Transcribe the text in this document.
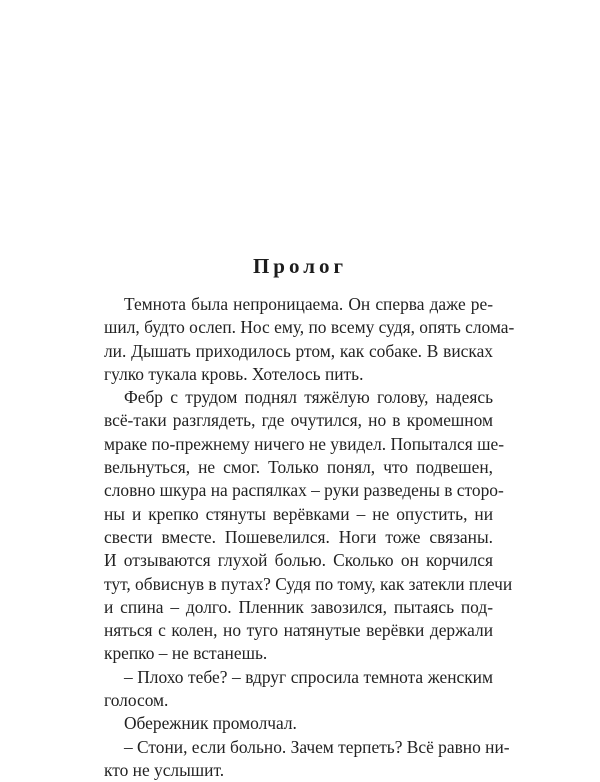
Пролог
Темнота была непроницаема. Он сперва даже ре-
шил, будто ослеп. Нос ему, по всему судя, опять слома-
ли. Дышать приходилось ртом, как собаке. В висках
гулко тукала кровь. Хотелось пить.
Фебр с трудом поднял тяжёлую голову, надеясь
всё-таки разглядеть, где очутился, но в кромешном
мраке по-прежнему ничего не увидел. Попытался ше-
вельнуться, не смог. Только понял, что подвешен,
словно шкура на распялках – руки разведены в сторо-
ны и крепко стянуты верёвками – не опустить, ни
свести вместе. Пошевелился. Ноги тоже связаны.
И отзываются глухой болью. Сколько он корчился
тут, обвиснув в путах? Судя по тому, как затекли плечи
и спина – долго. Пленник завозился, пытаясь под-
няться с колен, но туго натянутые верёвки держали
крепко – не встанешь.
– Плохо тебе? – вдруг спросила темнота женским
голосом.
Обережник промолчал.
– Стони, если больно. Зачем терпеть? Всё равно ни-
кто не услышит.
